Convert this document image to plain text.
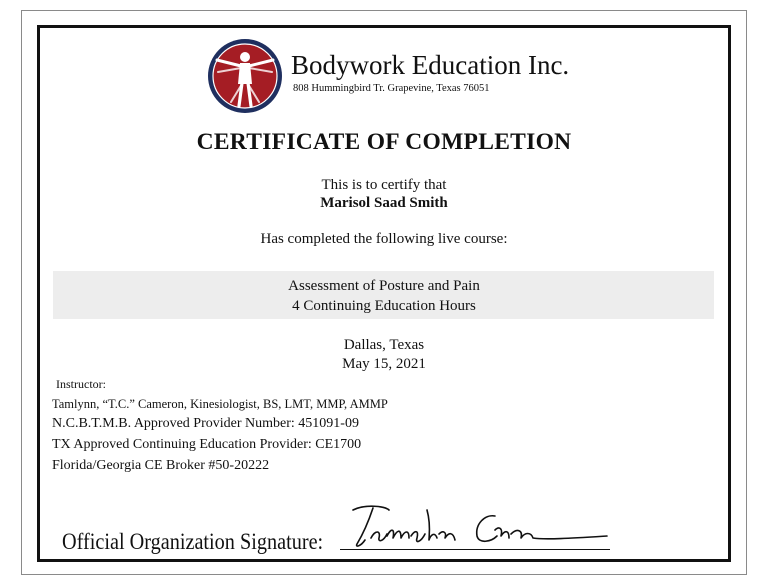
Bodywork Education Inc.
808 Hummingbird Tr. Grapevine, Texas 76051
CERTIFICATE OF COMPLETION
This is to certify that
Marisol Saad Smith
Has completed the following live course:
Assessment of Posture and Pain
4 Continuing Education Hours
Dallas, Texas
May 15, 2021
Instructor:
Tamlynn, “T.C.” Cameron, Kinesiologist, BS, LMT, MMP, AMMP
N.C.B.T.M.B. Approved Provider Number: 451091-09
TX Approved Continuing Education Provider: CE1700
Florida/Georgia CE Broker #50-20222
Official Organization Signature:
